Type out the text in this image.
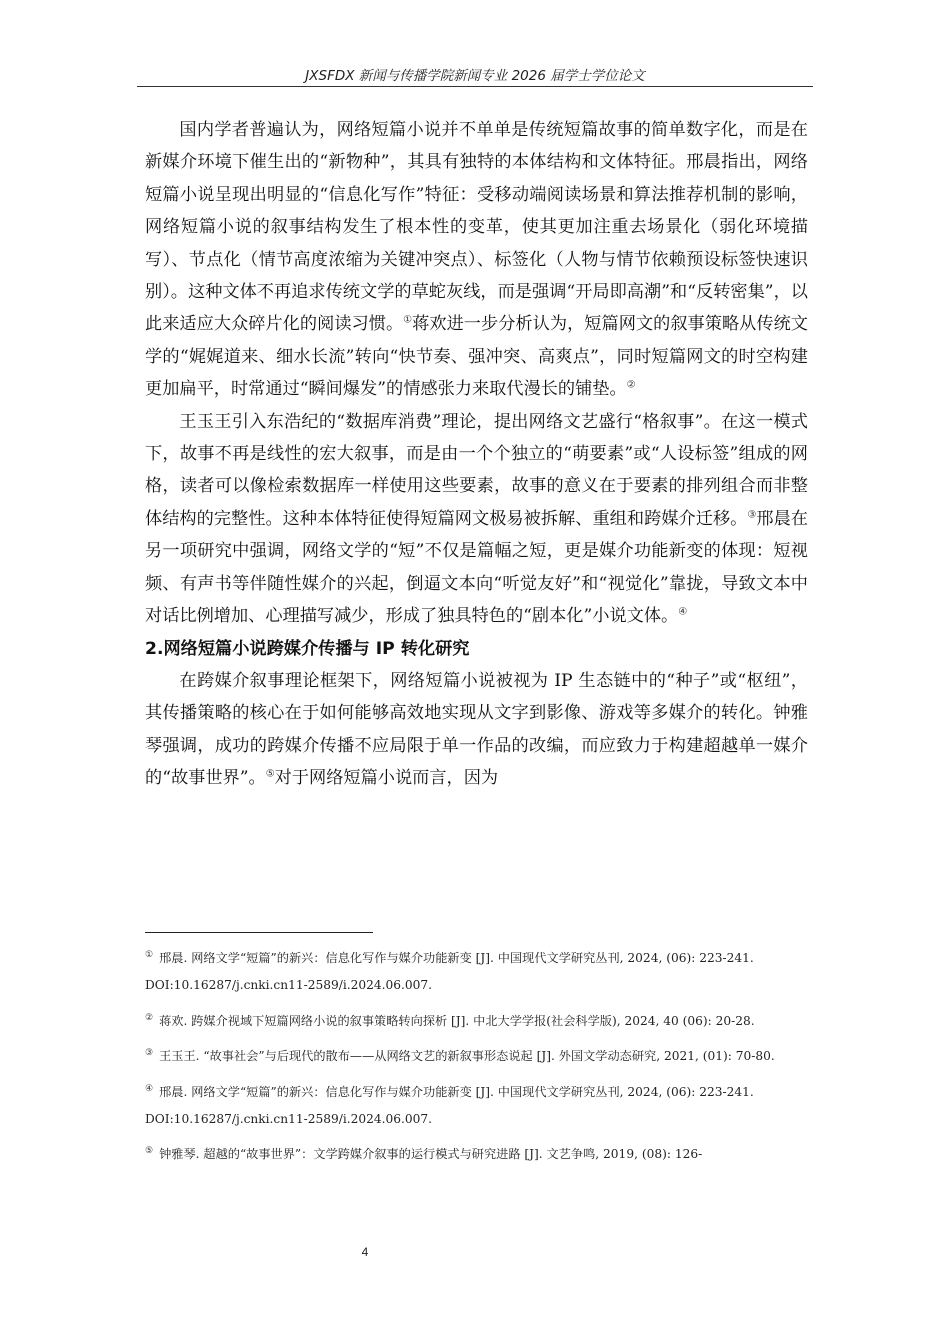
JXSFDX 新闻与传播学院新闻专业 2026 届学士学位论文

国内学者普遍认为，网络短篇小说并不单单是传统短篇故事的简单数字化，而是在新媒介环境下催生出的“新物种”，其具有独特的本体结构和文体特征。邢晨指出，网络短篇小说呈现出明显的“信息化写作”特征：受移动端阅读场景和算法推荐机制的影响，网络短篇小说的叙事结构发生了根本性的变革，使其更加注重去场景化（弱化环境描写）、节点化（情节高度浓缩为关键冲突点）、标签化（人物与情节依赖预设标签快速识别）。这种文体不再追求传统文学的草蛇灰线，而是强调“开局即高潮”和“反转密集”，以此来适应大众碎片化的阅读习惯。①蒋欢进一步分析认为，短篇网文的叙事策略从传统文学的“娓娓道来、细水长流”转向“快节奏、强冲突、高爽点”，同时短篇网文的时空构建更加扁平，时常通过“瞬间爆发”的情感张力来取代漫长的铺垫。②

王玉王引入东浩纪的“数据库消费”理论，提出网络文艺盛行“格叙事”。在这一模式下，故事不再是线性的宏大叙事，而是由一个个独立的“萌要素”或“人设标签”组成的网格，读者可以像检索数据库一样使用这些要素，故事的意义在于要素的排列组合而非整体结构的完整性。这种本体特征使得短篇网文极易被拆解、重组和跨媒介迁移。③邢晨在另一项研究中强调，网络文学的“短”不仅是篇幅之短，更是媒介功能新变的体现：短视频、有声书等伴随性媒介的兴起，倒逼文本向“听觉友好”和“视觉化”靠拢，导致文本中对话比例增加、心理描写减少，形成了独具特色的“剧本化”小说文体。④

2.网络短篇小说跨媒介传播与 IP 转化研究

在跨媒介叙事理论框架下，网络短篇小说被视为 IP 生态链中的“种子”或“枢纽”，其传播策略的核心在于如何能够高效地实现从文字到影像、游戏等多媒介的转化。钟雅琴强调，成功的跨媒介传播不应局限于单一作品的改编，而应致力于构建超越单一媒介的“故事世界”。⑤对于网络短篇小说而言，因为

① 邢晨. 网络文学“短篇”的新兴：信息化写作与媒介功能新变 [J]. 中国现代文学研究丛刊, 2024, (06): 223-241. DOI:10.16287/j.cnki.cn11-2589/i.2024.06.007.
② 蒋欢. 跨媒介视域下短篇网络小说的叙事策略转向探析 [J]. 中北大学学报(社会科学版), 2024, 40 (06): 20-28.
③ 王玉王. “故事社会”与后现代的散布——从网络文艺的新叙事形态说起 [J]. 外国文学动态研究, 2021, (01): 70-80.
④ 邢晨. 网络文学“短篇”的新兴：信息化写作与媒介功能新变 [J]. 中国现代文学研究丛刊, 2024, (06): 223-241. DOI:10.16287/j.cnki.cn11-2589/i.2024.06.007.
⑤ 钟雅琴. 超越的“故事世界”：文学跨媒介叙事的运行模式与研究进路 [J]. 文艺争鸣, 2019, (08): 126-
4
